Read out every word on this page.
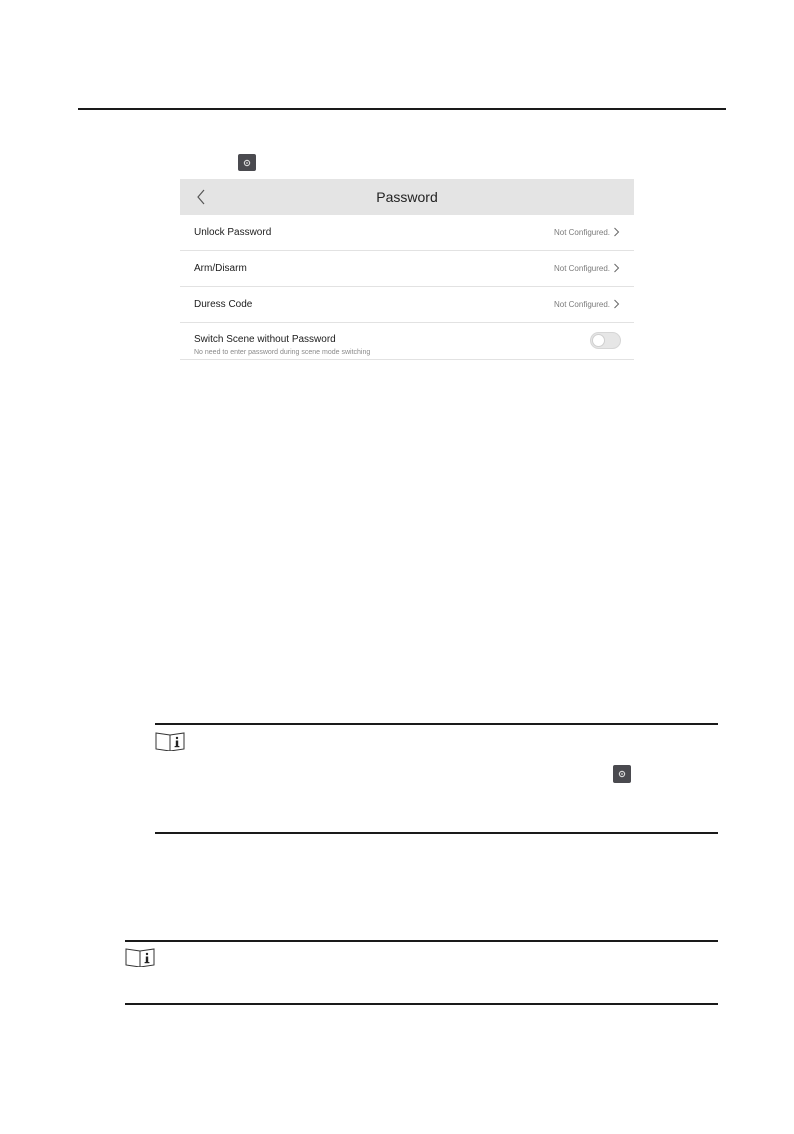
Password
Unlock Password	Not Configured.
Arm/Disarm	Not Configured.
Duress Code	Not Configured.
Switch Scene without Password
No need to enter password during scene mode switching
